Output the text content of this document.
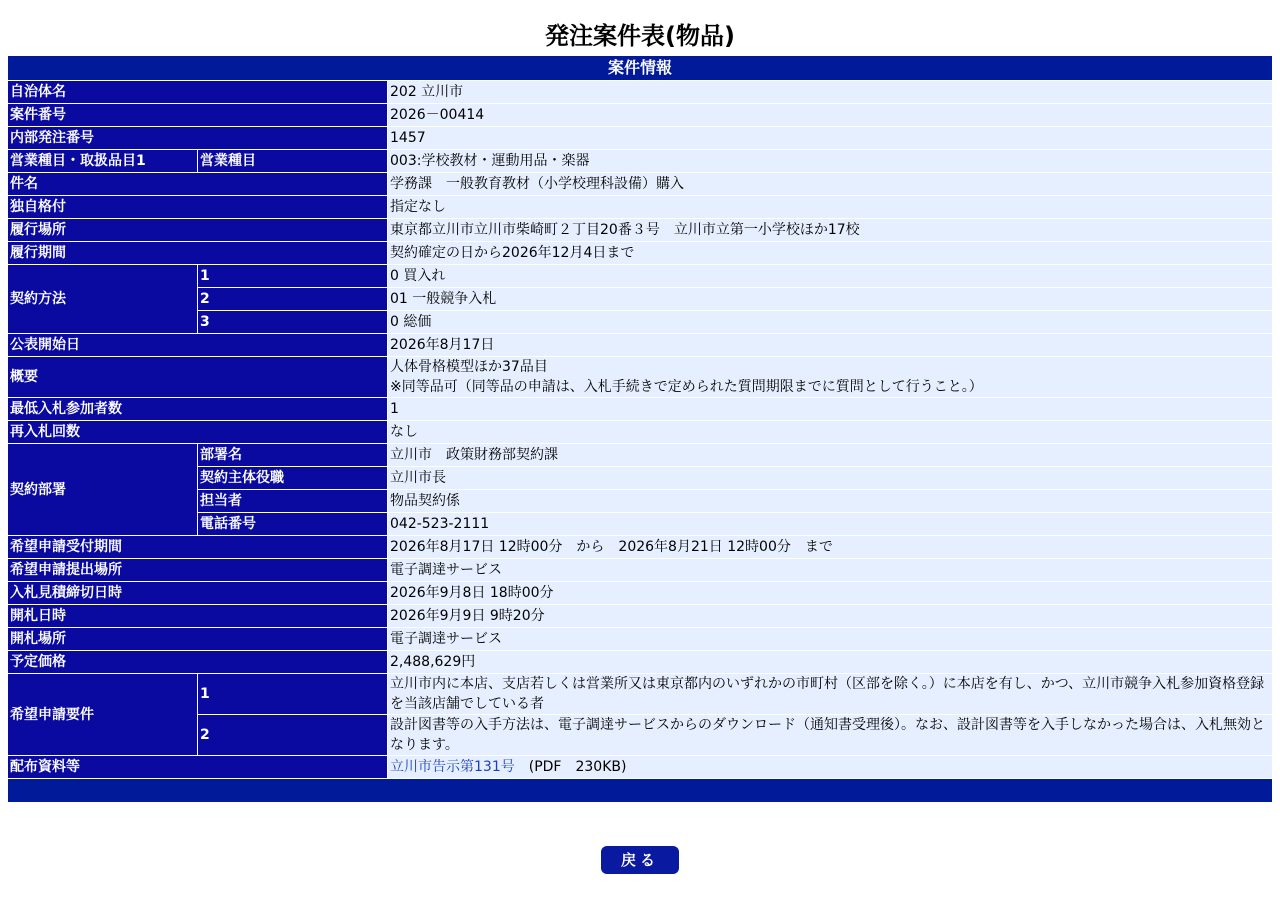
発注案件表(物品)
案件情報		
自治体名		202 立川市
案件番号		2026－00414
内部発注番号		1457
営業種目・取扱品目1	営業種目	003:学校教材・運動用品・楽器
件名		学務課　一般教育教材（小学校理科設備）購入
独自格付		指定なし
履行場所		東京都立川市立川市柴崎町２丁目20番３号　立川市立第一小学校ほか17校
履行期間		契約確定の日から2026年12月4日まで
契約方法	1	0 買入れ
	2	01 一般競争入札
	3	0 総価
公表開始日		2026年8月17日
概要		人体骨格模型ほか37品目
※同等品可（同等品の申請は、入札手続きで定められた質問期限までに質問として行うこと。）

最低入札参加者数		1
再入札回数		なし
契約部署	部署名	立川市　政策財務部契約課
	契約主体役職	立川市長
	担当者	物品契約係
	電話番号	042-523-2111
希望申請受付期間		2026年8月17日 12時00分　から　2026年8月21日 12時00分　まで
希望申請提出場所		電子調達サービス
入札見積締切日時		2026年9月8日 18時00分
開札日時		2026年9月9日 9時20分
開札場所		電子調達サービス
予定価格		2,488,629円
希望申請要件	1	立川市内に本店、支店若しくは営業所又は東京都内のいずれかの市町村（区部を除く。）に本店を有し、かつ、立川市競争入札参加資格登録を当該店舗でしている者
	2	設計図書等の入手方法は、電子調達サービスからのダウンロード（通知書受理後）。なお、設計図書等を入手しなかった場合は、入札無効となります。
配布資料等		立川市告示第131号　(PDF　230KB)

戻る
